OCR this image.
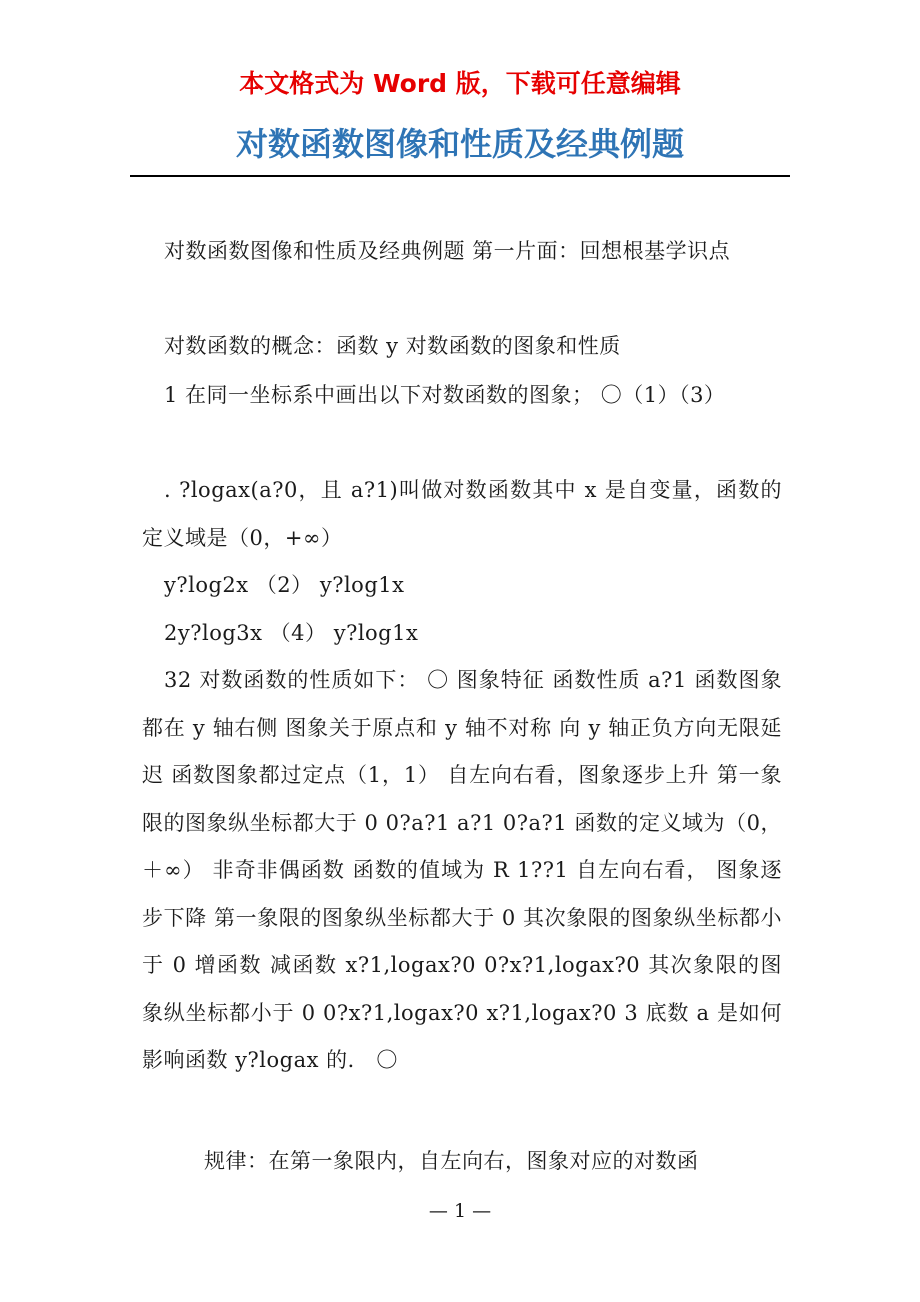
本文格式为 Word 版，下载可任意编辑
对数函数图像和性质及经典例题

对数函数图像和性质及经典例题 第一片面：回想根基学识点

对数函数的概念：函数 y 对数函数的图象和性质

1 在同一坐标系中画出以下对数函数的图象； 〇（1）（3）

. ?logax(a?0，且 a?1)叫做对数函数其中 x 是自变量，函数的定义域是（0，+∞）

y?log2x （2） y?log1x

2y?log3x （4） y?log1x

32 对数函数的性质如下： 〇 图象特征 函数性质 a?1 函数图象都在 y 轴右侧 图象关于原点和 y 轴不对称 向 y 轴正负方向无限延迟 函数图象都过定点（1，1） 自左向右看，图象逐步上升 第一象限的图象纵坐标都大于 0 0?a?1 a?1 0?a?1 函数的定义域为（0，＋∞） 非奇非偶函数 函数的值域为 R 1??1 自左向右看， 图象逐步下降 第一象限的图象纵坐标都大于 0 其次象限的图象纵坐标都小于 0 增函数 减函数 x?1,logax?0 0?x?1,logax?0 其次象限的图象纵坐标都小于 0 0?x?1,logax?0 x?1,logax?0 3 底数 a 是如何影响函数 y?logax 的． 〇

规律：在第一象限内，自左向右，图象对应的对数函

— 1 —
